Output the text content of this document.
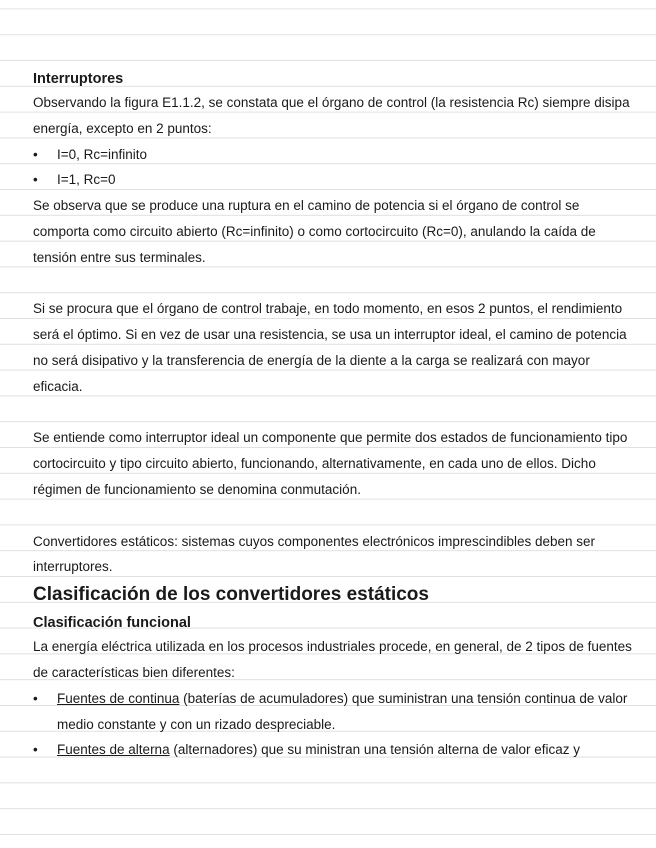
Interruptores

Observando la figura E1.1.2, se constata que el órgano de control (la resistencia Rc) siempre disipa energía, excepto en 2 puntos:

• I=0, Rc=infinito
• I=1, Rc=0

Se observa que se produce una ruptura en el camino de potencia si el órgano de control se comporta como circuito abierto (Rc=infinito) o como cortocircuito (Rc=0), anulando la caída de tensión entre sus terminales.

Si se procura que el órgano de control trabaje, en todo momento, en esos 2 puntos, el rendimiento será el óptimo. Si en vez de usar una resistencia, se usa un interruptor ideal, el camino de potencia no será disipativo y la transferencia de energía de la diente a la carga se realizará con mayor eficacia.

Se entiende como interruptor ideal un componente que permite dos estados de funcionamiento tipo cortocircuito y tipo circuito abierto, funcionando, alternativamente, en cada uno de ellos. Dicho régimen de funcionamiento se denomina conmutación.

Convertidores estáticos: sistemas cuyos componentes electrónicos imprescindibles deben ser interruptores.

Clasificación de los convertidores estáticos

Clasificación funcional

La energía eléctrica utilizada en los procesos industriales procede, en general, de 2 tipos de fuentes de características bien diferentes:

• Fuentes de continua (baterías de acumuladores) que suministran una tensión continua de valor medio constante y con un rizado despreciable.
• Fuentes de alterna (alternadores) que su ministran una tensión alterna de valor eficaz y
